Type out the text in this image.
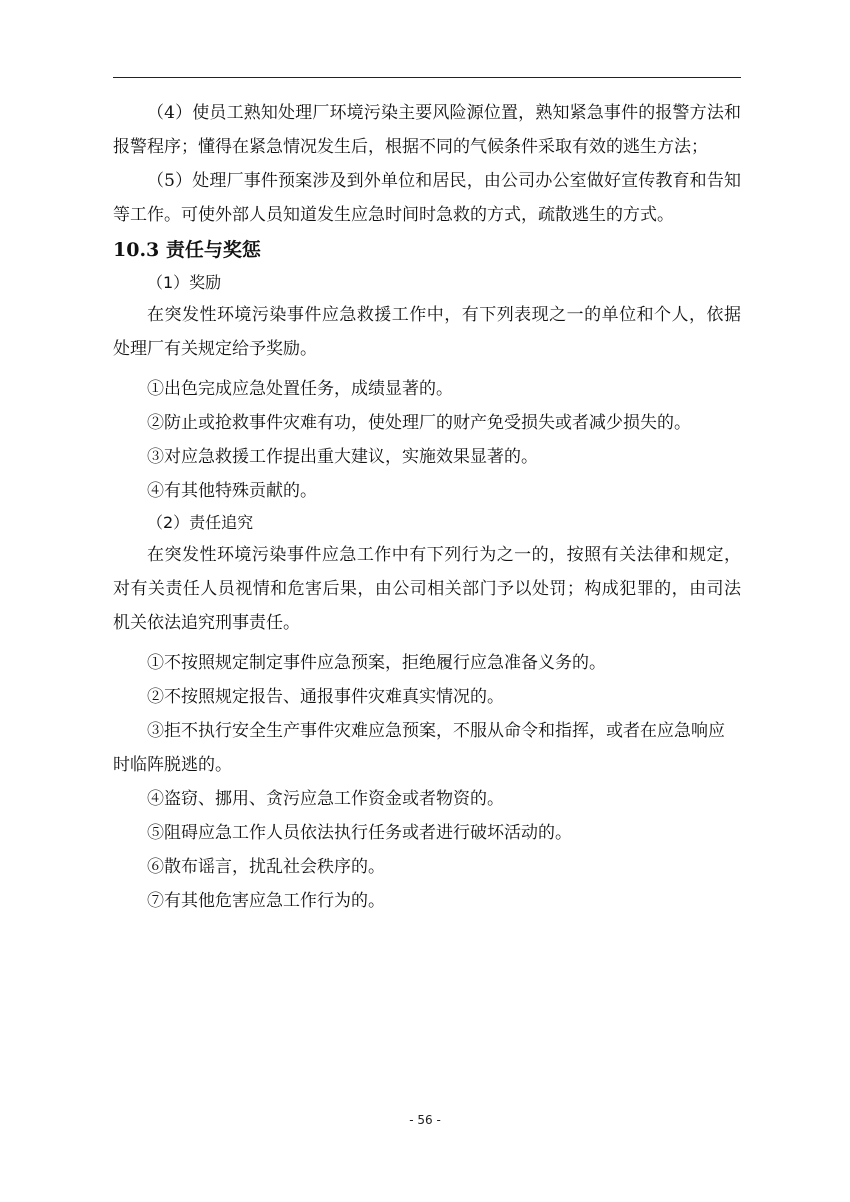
（4）使员工熟知处理厂环境污染主要风险源位置，熟知紧急事件的报警方法和报警程序；懂得在紧急情况发生后，根据不同的气候条件采取有效的逃生方法；

（5）处理厂事件预案涉及到外单位和居民，由公司办公室做好宣传教育和告知等工作。可使外部人员知道发生应急时间时急救的方式，疏散逃生的方式。

10.3 责任与奖惩

（1）奖励

在突发性环境污染事件应急救援工作中，有下列表现之一的单位和个人，依据处理厂有关规定给予奖励。

①出色完成应急处置任务，成绩显著的。

②防止或抢救事件灾难有功，使处理厂的财产免受损失或者减少损失的。

③对应急救援工作提出重大建议，实施效果显著的。

④有其他特殊贡献的。

（2）责任追究

在突发性环境污染事件应急工作中有下列行为之一的，按照有关法律和规定，对有关责任人员视情和危害后果，由公司相关部门予以处罚；构成犯罪的，由司法机关依法追究刑事责任。

①不按照规定制定事件应急预案，拒绝履行应急准备义务的。

②不按照规定报告、通报事件灾难真实情况的。

③拒不执行安全生产事件灾难应急预案，不服从命令和指挥，或者在应急响应时临阵脱逃的。

④盗窃、挪用、贪污应急工作资金或者物资的。

⑤阻碍应急工作人员依法执行任务或者进行破坏活动的。

⑥散布谣言，扰乱社会秩序的。

⑦有其他危害应急工作行为的。

- 56 -
